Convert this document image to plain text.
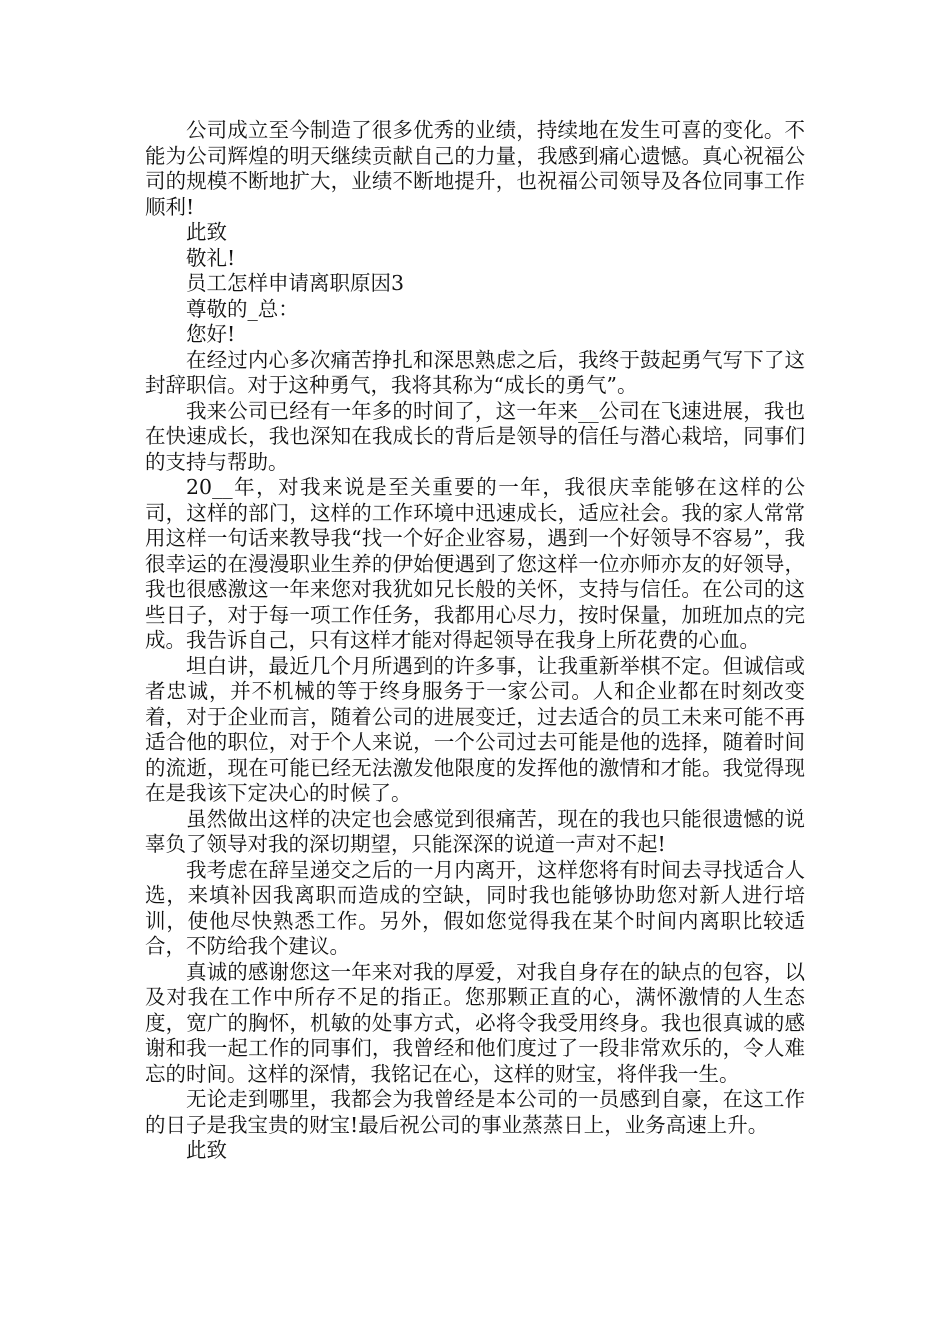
公司成立至今制造了很多优秀的业绩，持续地在发生可喜的变化。不能为公司辉煌的明天继续贡献自己的力量，我感到痛心遗憾。真心祝福公司的规模不断地扩大，业绩不断地提升，也祝福公司领导及各位同事工作顺利!

此致

敬礼!

员工怎样申请离职原因3

尊敬的_总：

您好!

在经过内心多次痛苦挣扎和深思熟虑之后，我终于鼓起勇气写下了这封辞职信。对于这种勇气，我将其称为“成长的勇气”。

我来公司已经有一年多的时间了，这一年来__公司在飞速进展，我也在快速成长，我也深知在我成长的背后是领导的信任与潜心栽培，同事们的支持与帮助。

20__年，对我来说是至关重要的一年，我很庆幸能够在这样的公司，这样的部门，这样的工作环境中迅速成长，适应社会。我的家人常常用这样一句话来教导我“找一个好企业容易，遇到一个好领导不容易”，我很幸运的在漫漫职业生养的伊始便遇到了您这样一位亦师亦友的好领导，我也很感激这一年来您对我犹如兄长般的关怀，支持与信任。在公司的这些日子，对于每一项工作任务，我都用心尽力，按时保量，加班加点的完成。我告诉自己，只有这样才能对得起领导在我身上所花费的心血。

坦白讲，最近几个月所遇到的许多事，让我重新举棋不定。但诚信或者忠诚，并不机械的等于终身服务于一家公司。人和企业都在时刻改变着，对于企业而言，随着公司的进展变迁，过去适合的员工未来可能不再适合他的职位，对于个人来说，一个公司过去可能是他的选择，随着时间的流逝，现在可能已经无法激发他限度的发挥他的激情和才能。我觉得现在是我该下定决心的时候了。

虽然做出这样的决定也会感觉到很痛苦，现在的我也只能很遗憾的说辜负了领导对我的深切期望，只能深深的说道一声对不起!

我考虑在辞呈递交之后的一月内离开，这样您将有时间去寻找适合人选，来填补因我离职而造成的空缺，同时我也能够协助您对新人进行培训，使他尽快熟悉工作。另外，假如您觉得我在某个时间内离职比较适合，不防给我个建议。

真诚的感谢您这一年来对我的厚爱，对我自身存在的缺点的包容，以及对我在工作中所存不足的指正。您那颗正直的心，满怀激情的人生态度，宽广的胸怀，机敏的处事方式，必将令我受用终身。我也很真诚的感谢和我一起工作的同事们，我曾经和他们度过了一段非常欢乐的，令人难忘的时间。这样的深情，我铭记在心，这样的财宝，将伴我一生。

无论走到哪里，我都会为我曾经是本公司的一员感到自豪，在这工作的日子是我宝贵的财宝!最后祝公司的事业蒸蒸日上，业务高速上升。

此致
